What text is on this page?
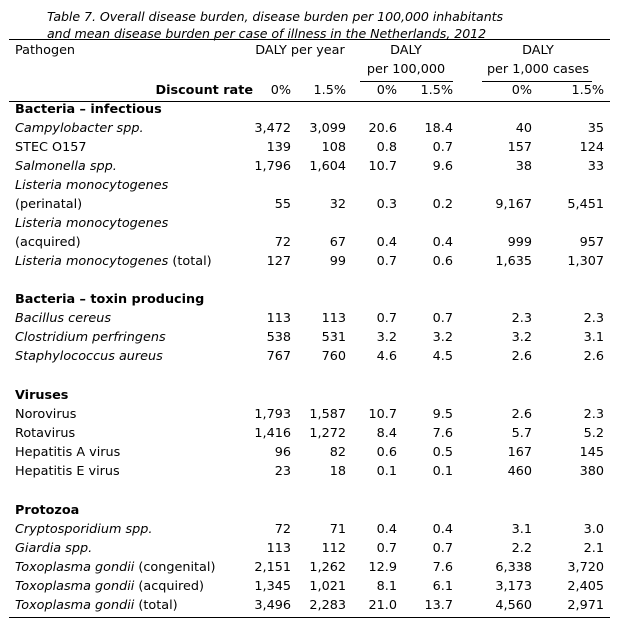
Table 7. Overall disease burden, disease burden per 100,000 inhabitants
and mean disease burden per case of illness in the Netherlands, 2012
Pathogen	DALY per year	DALY
per 100,000
DALY
per 1,000 cases
Discount rate	0%	1.5%	0%	1.5%	0%	1.5%
Bacteria – infectious
Campylobacter spp.	3,472	3,099	20.6	18.4	40	35
STEC O157	139	108	0.8	0.7	157	124
Salmonella spp.	1,796	1,604	10.7	9.6	38	33
Listeria monocytogenes
(perinatal)	55	32	0.3	0.2	9,167	5,451
Listeria monocytogenes
(acquired)	72	67	0.4	0.4	999	957
Listeria monocytogenes (total)	127	99	0.7	0.6	1,635	1,307
Bacteria – toxin producing
Bacillus cereus	113	113	0.7	0.7	2.3	2.3
Clostridium perfringens	538	531	3.2	3.2	3.2	3.1
Staphylococcus aureus	767	760	4.6	4.5	2.6	2.6
Viruses
Norovirus	1,793	1,587	10.7	9.5	2.6	2.3
Rotavirus	1,416	1,272	8.4	7.6	5.7	5.2
Hepatitis A virus	96	82	0.6	0.5	167	145
Hepatitis E virus	23	18	0.1	0.1	460	380
Protozoa
Cryptosporidium spp.	72	71	0.4	0.4	3.1	3.0
Giardia spp.	113	112	0.7	0.7	2.2	2.1
Toxoplasma gondii (congenital)	2,151	1,262	12.9	7.6	6,338	3,720
Toxoplasma gondii (acquired)	1,345	1,021	8.1	6.1	3,173	2,405
Toxoplasma gondii (total)	3,496	2,283	21.0	13.7	4,560	2,971
